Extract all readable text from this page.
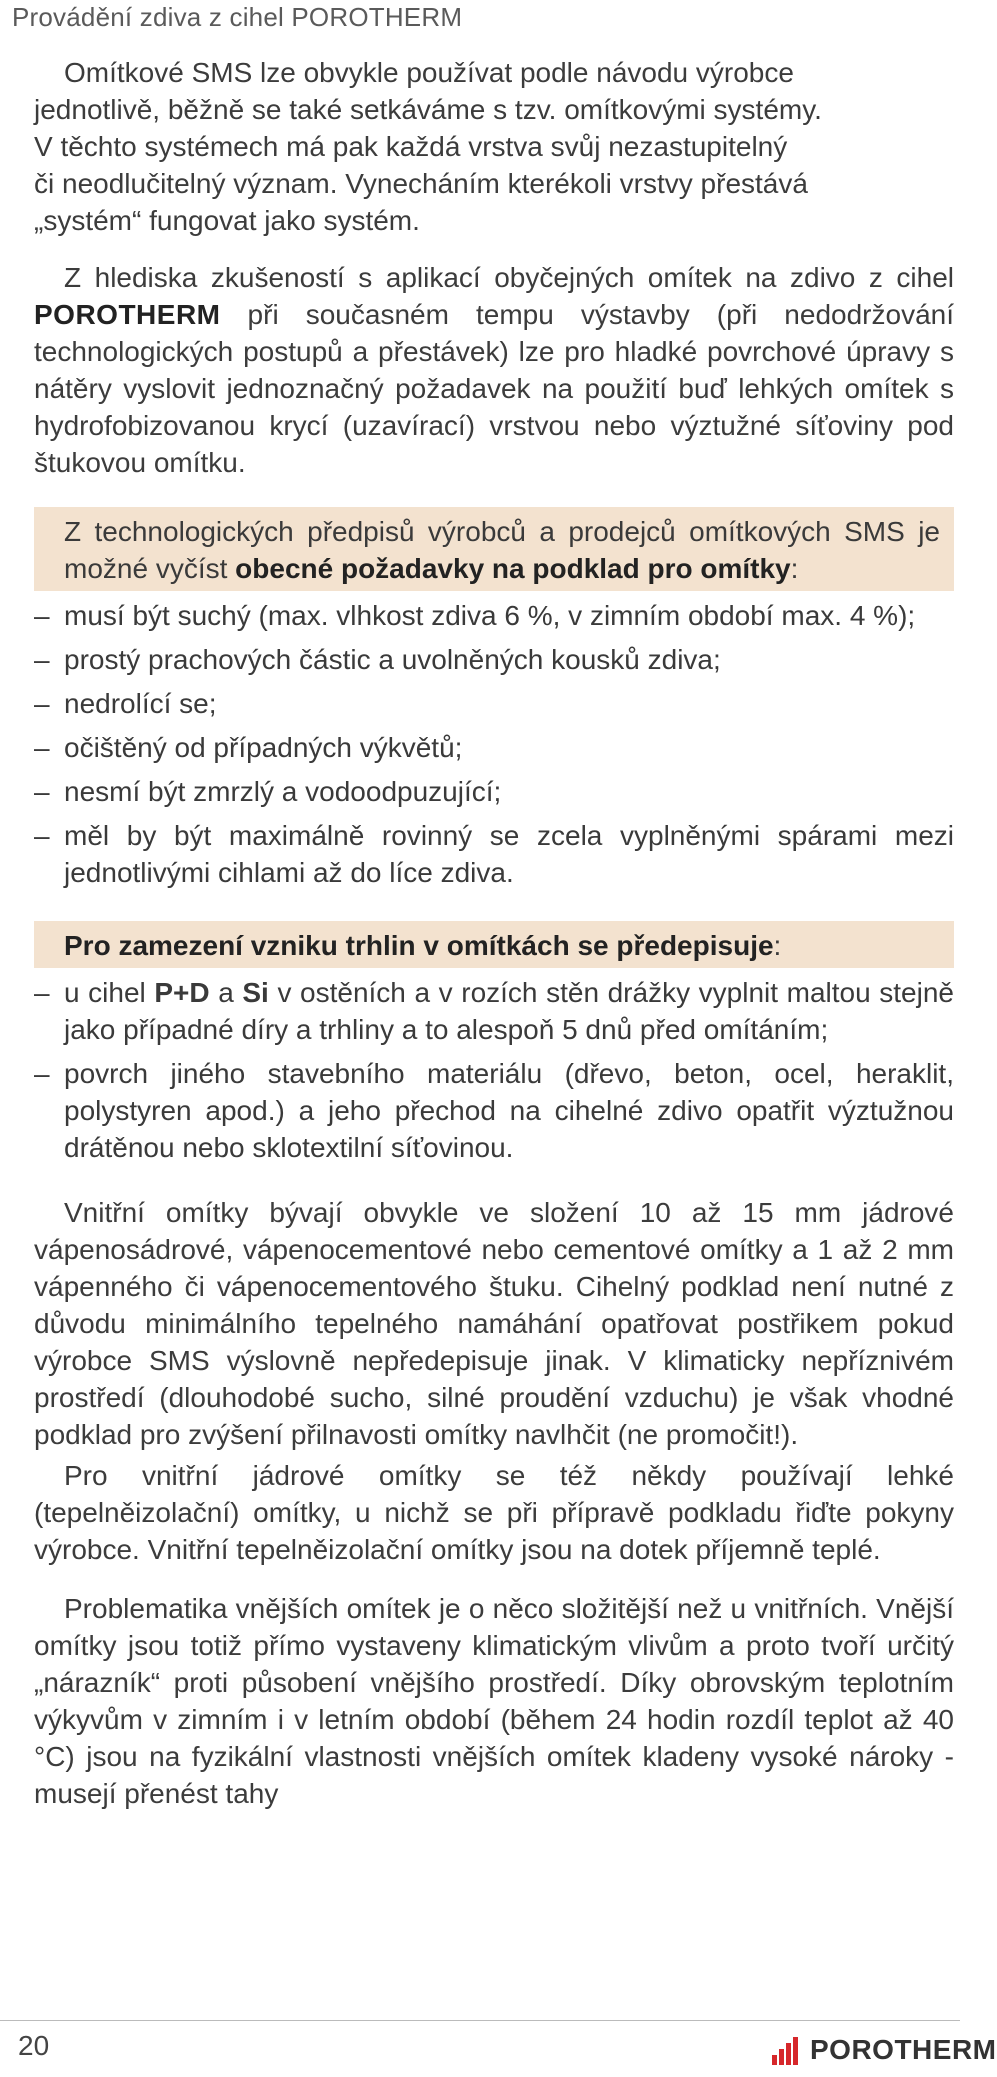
Provádění zdiva z cihel POROTHERM

Omítkové SMS lze obvykle používat podle návodu výrobce
jednotlivě, běžně se také setkáváme s tzv. omítkovými systémy.
V těchto systémech má pak každá vrstva svůj nezastupitelný
či neodlučitelný význam. Vynecháním kterékoli vrstvy přestává
„systém“ fungovat jako systém.

Z hlediska zkušeností s aplikací obyčejných omítek na zdivo z cihel POROTHERM při současném tempu výstavby (při nedodržování technologických postupů a přestávek) lze pro hladké povrchové úpravy s nátěry vyslovit jednoznačný požadavek na použití buď lehkých omítek s hydrofobizovanou krycí (uzavírací) vrstvou nebo výztužné síťoviny pod štukovou omítku.

Z technologických předpisů výrobců a prodejců omítkových SMS je možné vyčíst obecné požadavky na podklad pro omítky:
– musí být suchý (max. vlhkost zdiva 6 %, v zimním období max. 4 %);
– prostý prachových částic a uvolněných kousků zdiva;
– nedrolící se;
– očištěný od případných výkvětů;
– nesmí být zmrzlý a vodoodpuzující;
– měl by být maximálně rovinný se zcela vyplněnými spárami mezi jednotlivými cihlami až do líce zdiva.
Pro zamezení vzniku trhlin v omítkách se předepisuje:
– u cihel P+D a Si v ostěních a v rozích stěn drážky vyplnit maltou stejně jako případné díry a trhliny a to alespoň 5 dnů před omítáním;
– povrch jiného stavebního materiálu (dřevo, beton, ocel, heraklit, polystyren apod.) a jeho přechod na cihelné zdivo opatřit výztužnou drátěnou nebo sklotextilní síťovinou.

Vnitřní omítky bývají obvykle ve složení 10 až 15 mm jádrové vápenosádrové, vápenocementové nebo cementové omítky a 1 až 2 mm vápenného či vápenocementového štuku. Cihelný podklad není nutné z důvodu minimálního tepelného namáhání opatřovat postřikem pokud výrobce SMS výslovně nepředepisuje jinak. V klimaticky nepříznivém prostředí (dlouhodobé sucho, silné proudění vzduchu) je však vhodné podklad pro zvýšení přilnavosti omítky navlhčit (ne promočit!).

Pro vnitřní jádrové omítky se též někdy používají lehké (tepelněizolační) omítky, u nichž se při přípravě podkladu řiďte pokyny výrobce. Vnitřní tepelněizolační omítky jsou na dotek příjemně teplé.

Problematika vnějších omítek je o něco složitější než u vnitřních. Vnější omítky jsou totiž přímo vystaveny klimatickým vlivům a proto tvoří určitý „nárazník“ proti působení vnějšího prostředí. Díky obrovským teplotním výkyvům v zimním i v letním období (během 24 hodin rozdíl teplot až 40 °C) jsou na fyzikální vlastnosti vnějších omítek kladeny vysoké nároky - musejí přenést tahy

20	POROTHERM
